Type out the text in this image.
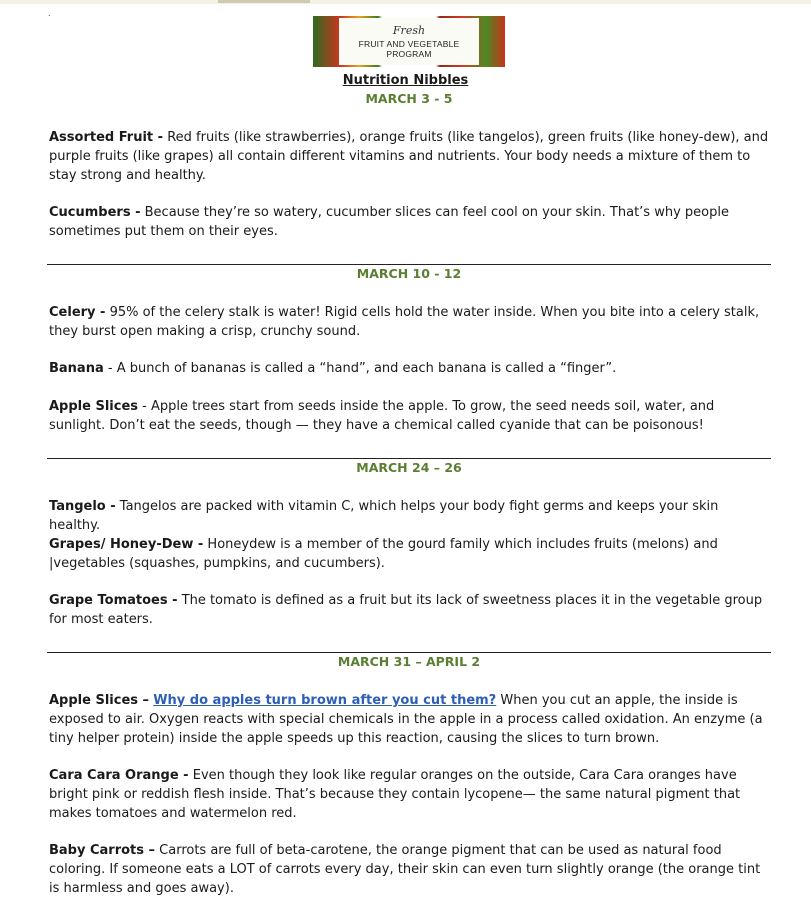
.
Fresh
FRUIT AND VEGETABLE PROGRAM
Nutrition Nibbles
MARCH 3 - 5
Assorted Fruit - Red fruits (like strawberries), orange fruits (like tangelos), green fruits (like honey-dew), and purple fruits (like grapes) all contain different vitamins and nutrients. Your body needs a mixture of them to stay strong and healthy.
Cucumbers - Because they’re so watery, cucumber slices can feel cool on your skin. That’s why people sometimes put them on their eyes.
MARCH 10 - 12
Celery - 95% of the celery stalk is water! Rigid cells hold the water inside. When you bite into a celery stalk, they burst open making a crisp, crunchy sound.
Banana - A bunch of bananas is called a “hand”, and each banana is called a “finger”.
Apple Slices - Apple trees start from seeds inside the apple. To grow, the seed needs soil, water, and sunlight. Don’t eat the seeds, though — they have a chemical called cyanide that can be poisonous!
MARCH 24 – 26
Tangelo - Tangelos are packed with vitamin C, which helps your body fight germs and keeps your skin healthy.
Grapes/ Honey-Dew - Honeydew is a member of the gourd family which includes fruits (melons) and |vegetables (squashes, pumpkins, and cucumbers).
Grape Tomatoes - The tomato is defined as a fruit but its lack of sweetness places it in the vegetable group for most eaters.
MARCH 31 – APRIL 2
Apple Slices – Why do apples turn brown after you cut them? When you cut an apple, the inside is exposed to air. Oxygen reacts with special chemicals in the apple in a process called oxidation. An enzyme (a tiny helper protein) inside the apple speeds up this reaction, causing the slices to turn brown.
Cara Cara Orange - Even though they look like regular oranges on the outside, Cara Cara oranges have bright pink or reddish flesh inside. That’s because they contain lycopene— the same natural pigment that makes tomatoes and watermelon red.
Baby Carrots – Carrots are full of beta-carotene, the orange pigment that can be used as natural food coloring. If someone eats a LOT of carrots every day, their skin can even turn slightly orange (the orange tint is harmless and goes away).
